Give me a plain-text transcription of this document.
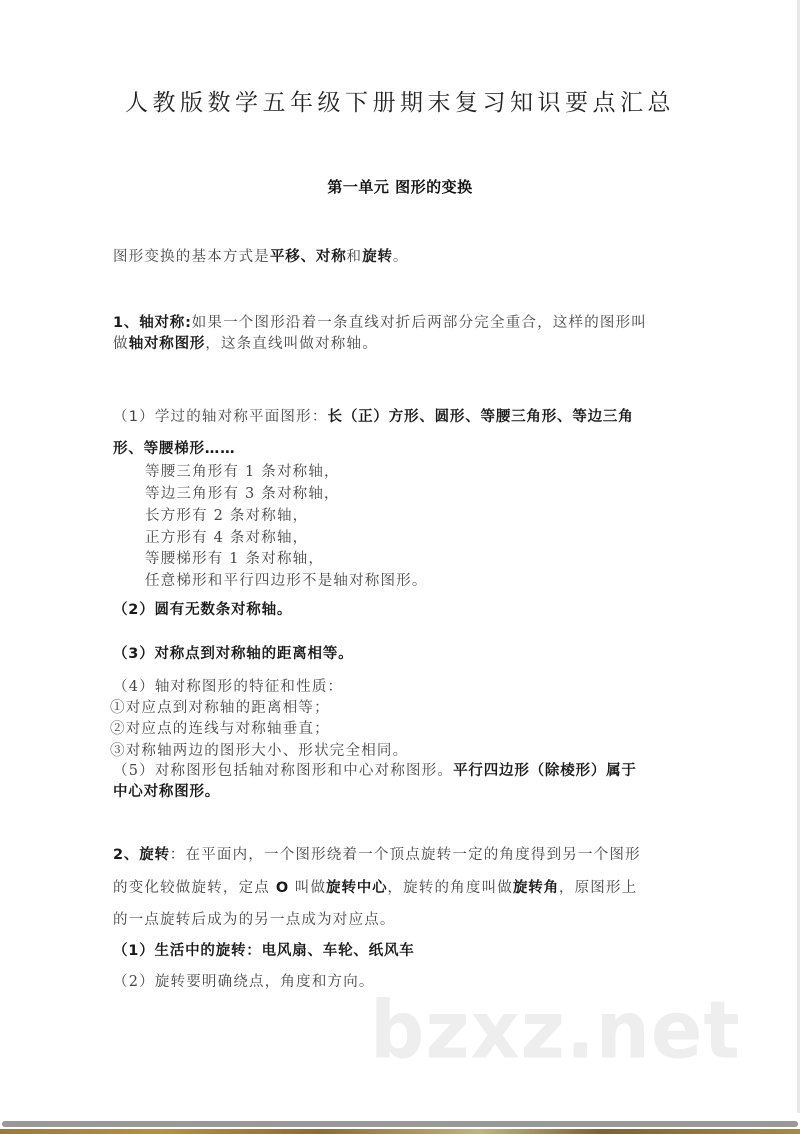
人教版数学五年级下册期末复习知识要点汇总
第一单元 图形的变换
图形变换的基本方式是平移、对称和旋转。
1、轴对称:如果一个图形沿着一条直线对折后两部分完全重合，这样的图形叫
做轴对称图形，这条直线叫做对称轴。
（1）学过的轴对称平面图形：长（正）方形、圆形、等腰三角形、等边三角
形、等腰梯形……
等腰三角形有 1 条对称轴，
等边三角形有 3 条对称轴，
长方形有 2 条对称轴，
正方形有 4 条对称轴，
等腰梯形有 1 条对称轴，
任意梯形和平行四边形不是轴对称图形。
（2）圆有无数条对称轴。
（3）对称点到对称轴的距离相等。
（4）轴对称图形的特征和性质：
①对应点到对称轴的距离相等；
②对应点的连线与对称轴垂直；
③对称轴两边的图形大小、形状完全相同。
（5）对称图形包括轴对称图形和中心对称图形。平行四边形（除棱形）属于
中心对称图形。
2、旋转：在平面内，一个图形绕着一个顶点旋转一定的角度得到另一个图形
的变化较做旋转，定点 O 叫做旋转中心，旋转的角度叫做旋转角，原图形上
的一点旋转后成为的另一点成为对应点。
（1）生活中的旋转：电风扇、车轮、纸风车
（2）旋转要明确绕点，角度和方向。
bzxz.net
